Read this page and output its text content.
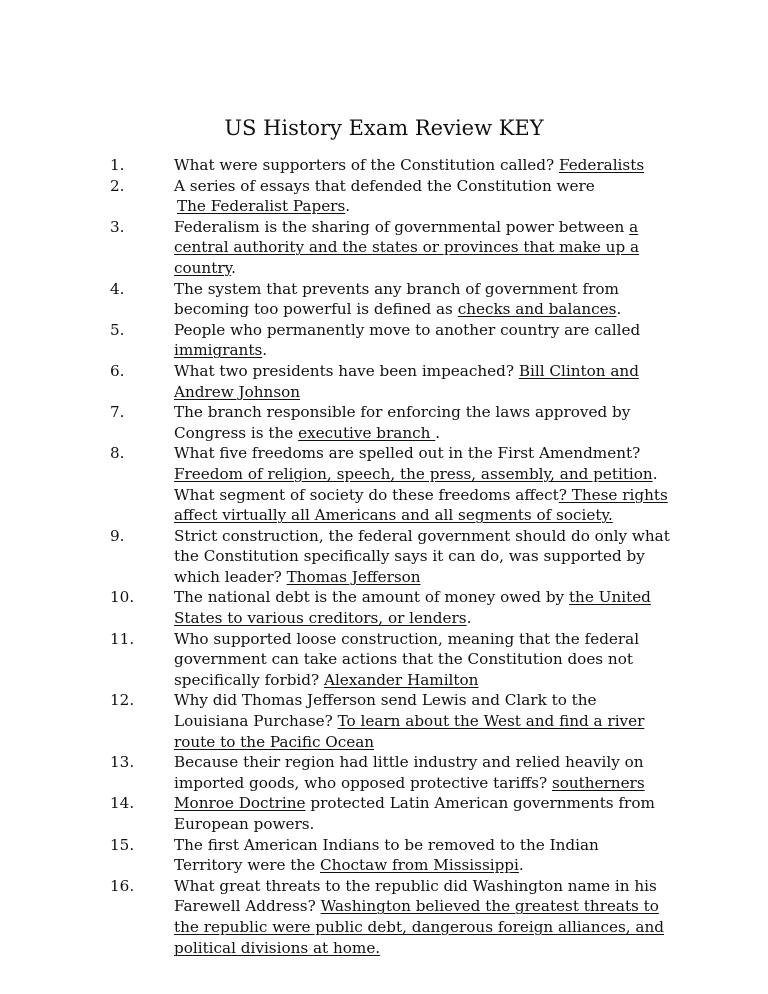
US History Exam Review KEY
1.	What were supporters of the Constitution called? Federalists
2.	A series of essays that defended the Constitution were
The Federalist Papers.
3.	Federalism is the sharing of governmental power between a central authority and the states or provinces that make up a country.
4.	The system that prevents any branch of government from becoming too powerful is defined as checks and balances.
5.	People who permanently move to another country are called immigrants.
6.	What two presidents have been impeached? Bill Clinton and Andrew Johnson
7.	The branch responsible for enforcing the laws approved by Congress is the executive branch .
8.	What five freedoms are spelled out in the First Amendment? Freedom of religion, speech, the press, assembly, and petition. What segment of society do these freedoms affect? These rights affect virtually all Americans and all segments of society.
9.	Strict construction, the federal government should do only what the Constitution specifically says it can do, was supported by which leader? Thomas Jefferson
10.	The national debt is the amount of money owed by the United States to various creditors, or lenders.
11.	Who supported loose construction, meaning that the federal government can take actions that the Constitution does not specifically forbid? Alexander Hamilton
12.	Why did Thomas Jefferson send Lewis and Clark to the Louisiana Purchase? To learn about the West and find a river route to the Pacific Ocean
13.	Because their region had little industry and relied heavily on imported goods, who opposed protective tariffs? southerners
14.	Monroe Doctrine protected Latin American governments from European powers.
15.	The first American Indians to be removed to the Indian Territory were the Choctaw from Mississippi.
16.	What great threats to the republic did Washington name in his Farewell Address? Washington believed the greatest threats to the republic were public debt, dangerous foreign alliances, and political divisions at home.
